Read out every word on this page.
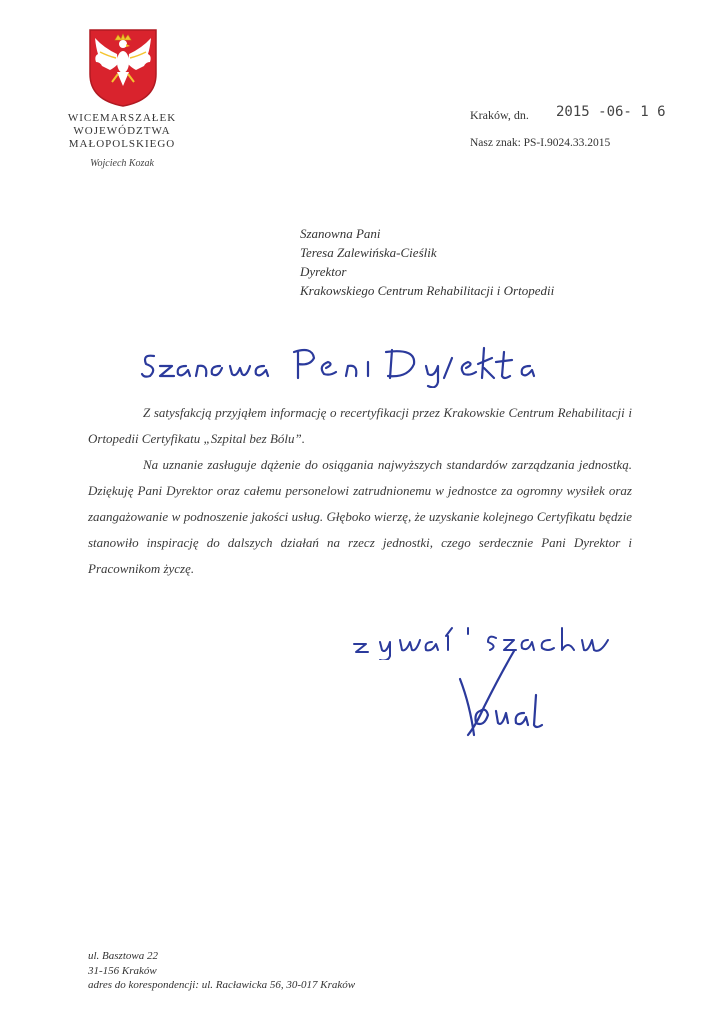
WICEMARSZAŁEK
WOJEWÓDZTWA
MAŁOPOLSKIEGO
Wojciech Kozak
Kraków, dn. 2015 -06- 1 6
Nasz znak: PS-I.9024.33.2015
Szanowna Pani
Teresa Zalewińska-Cieślik
Dyrektor
Krakowskiego Centrum Rehabilitacji i Ortopedii

Z satysfakcją przyjąłem informację o recertyfikacji przez Krakowskie Centrum Rehabilitacji i Ortopedii Certyfikatu „Szpital bez Bólu”.

Na uznanie zasługuje dążenie do osiągania najwyższych standardów zarządzania jednostką. Dziękuję Pani Dyrektor oraz całemu personelowi zatrudnionemu w jednostce za ogromny wysiłek oraz zaangażowanie w podnoszenie jakości usług. Głęboko wierzę, że uzyskanie kolejnego Certyfikatu będzie stanowiło inspirację do dalszych działań na rzecz jednostki, czego serdecznie Pani Dyrektor i Pracownikom życzę.

ul. Basztowa 22
31-156 Kraków
adres do korespondencji: ul. Racławicka 56, 30-017 Kraków
